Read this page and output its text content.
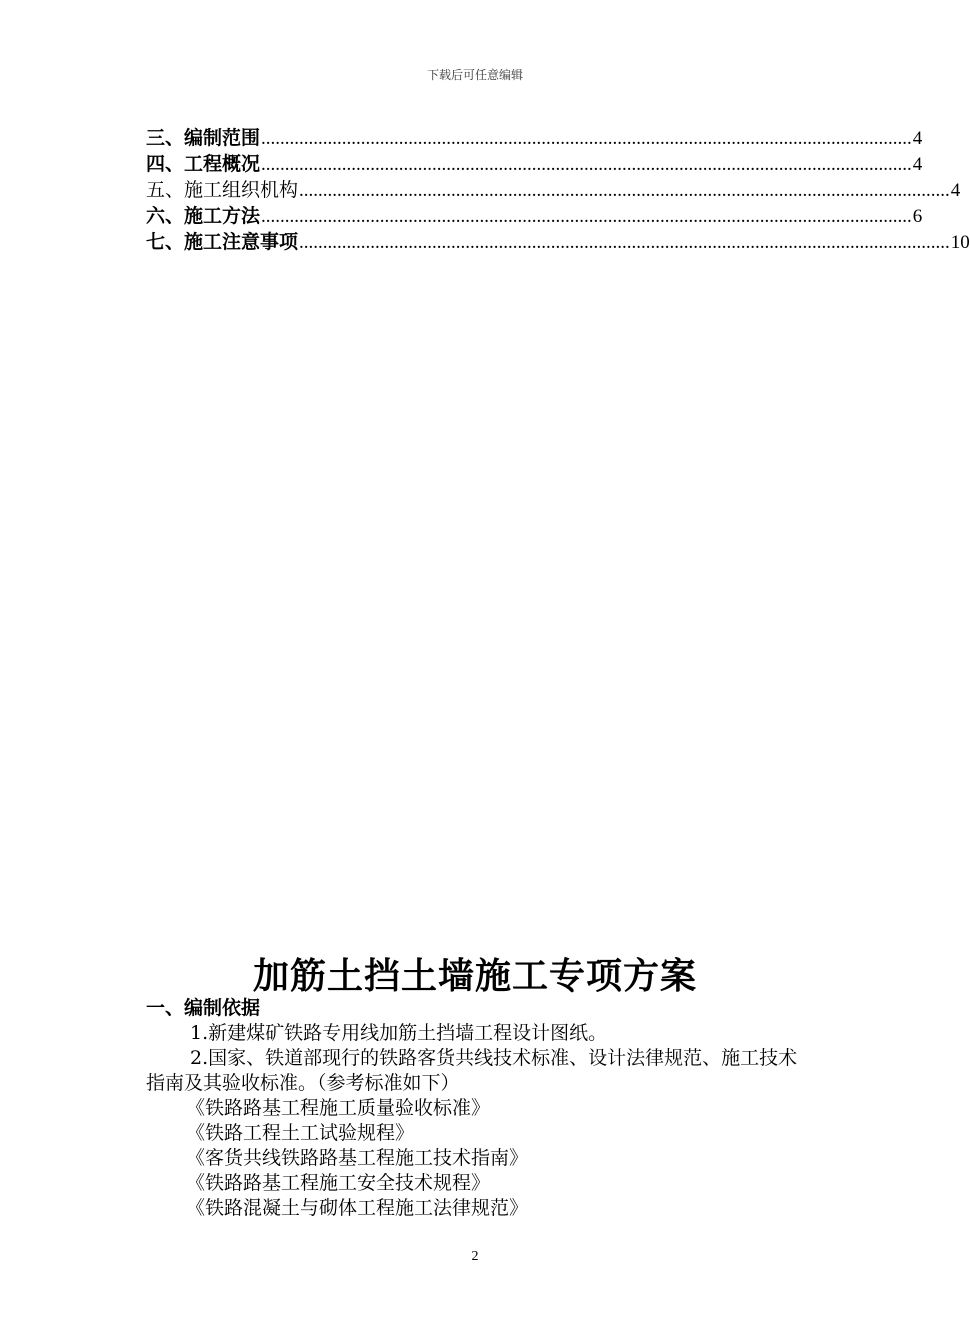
下载后可任意编辑
三、编制范围 ......................................................................................................................................... 4
四、工程概况 ......................................................................................................................................... 4
五、施工组织机构 ......................................................................................................................................... 4
六、施工方法 ......................................................................................................................................... 6
七、施工注意事项 ......................................................................................................................................... 10
加筋土挡土墙施工专项方案
一、编制依据
1.新建煤矿铁路专用线加筋土挡墙工程设计图纸。
2.国家、铁道部现行的铁路客货共线技术标准、设计法律规范、施工技术指南及其验收标准。（参考标准如下）
《铁路路基工程施工质量验收标准》
《铁路工程土工试验规程》
《客货共线铁路路基工程施工技术指南》
《铁路路基工程施工安全技术规程》
《铁路混凝土与砌体工程施工法律规范》
2
